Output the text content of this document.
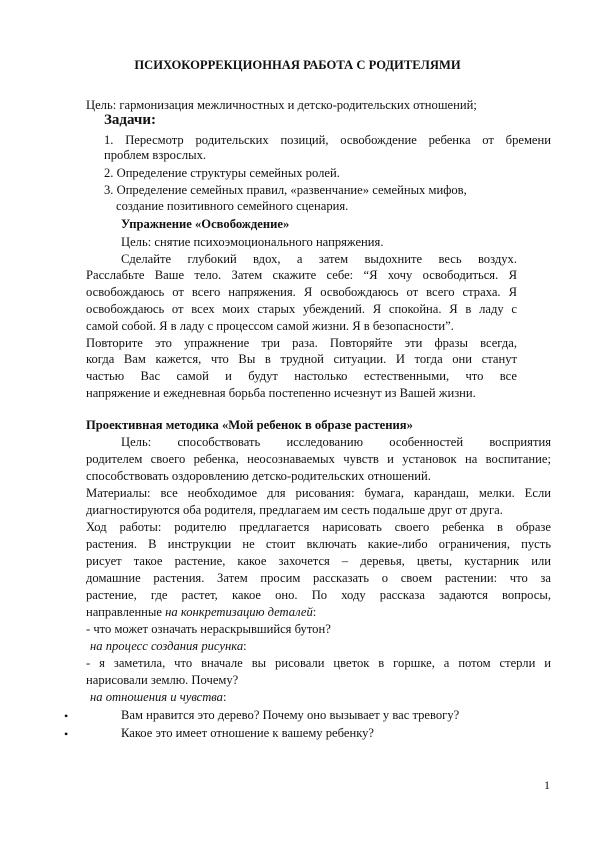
ПСИХОКОРРЕКЦИОННАЯ РАБОТА С РОДИТЕЛЯМИ
Цель: гармонизация межличностных и детско-родительских отношений;
Задачи:
1. Пересмотр родительских позиций, освобождение ребенка от бремени
проблем взрослых.
2. Определение структуры семейных ролей.
3. Определение семейных правил, «развенчание» семейных мифов,
создание позитивного семейного сценария.
Упражнение «Освобождение»
Цель: снятие психоэмоционального напряжения.
Сделайте глубокий вдох, а затем выдохните весь воздух.
Расслабьте Ваше тело. Затем скажите себе: “Я хочу освободиться. Я
освобождаюсь от всего напряжения. Я освобождаюсь от всего страха. Я
освобождаюсь от всех моих старых убеждений. Я спокойна. Я в ладу с
самой собой. Я в ладу с процессом самой жизни. Я в безопасности”.
Повторите это упражнение три раза. Повторяйте эти фразы всегда,
когда Вам кажется, что Вы в трудной ситуации. И тогда они станут
частью Вас самой и будут настолько естественными, что все
напряжение и ежедневная борьба постепенно исчезнут из Вашей жизни.
Проективная методика «Мой ребенок в образе растения»
Цель: способствовать исследованию особенностей восприятия
родителем своего ребенка, неосознаваемых чувств и установок на воспитание;
способствовать оздоровлению детско-родительских отношений.
Материалы: все необходимое для рисования: бумага, карандаш, мелки. Если
диагностируются оба родителя, предлагаем им сесть подальше друг от друга.
Ход работы: родителю предлагается нарисовать своего ребенка в образе
растения. В инструкции не стоит включать какие-либо ограничения, пусть
рисует такое растение, какое захочется – деревья, цветы, кустарник или
домашние растения. Затем просим рассказать о своем растении: что за
растение, где растет, какое оно. По ходу рассказа задаются вопросы,
направленные на конкретизацию деталей:
- что может означать нераскрывшийся бутон?
на процесс создания рисунка:
- я заметила, что вначале вы рисовали цветок в горшке, а потом стерли и
нарисовали землю. Почему?
на отношения и чувства:
•	Вам нравится это дерево? Почему оно вызывает у вас тревогу?
•	Какое это имеет отношение к вашему ребенку?
1
